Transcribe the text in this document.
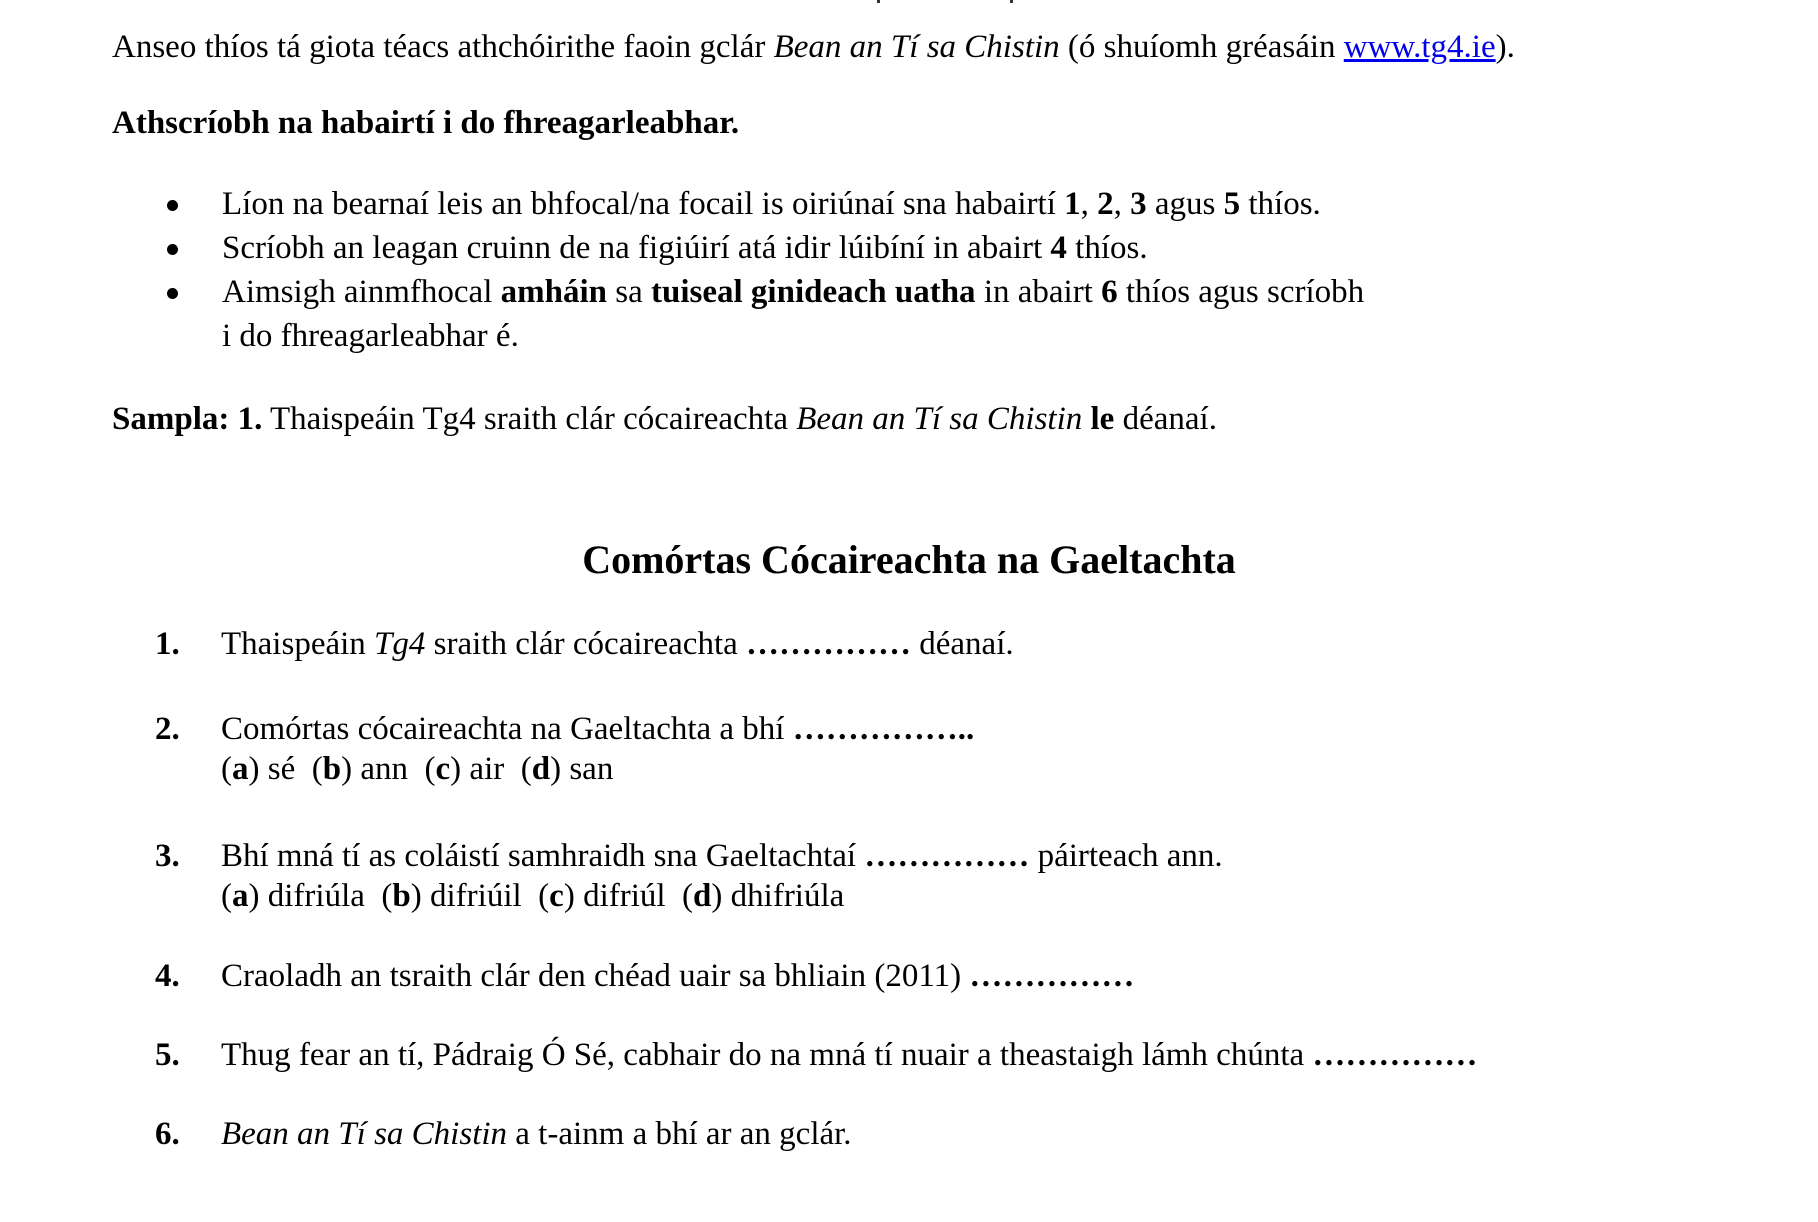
Anseo thíos tá giota téacs athchóirithe faoin gclár Bean an Tí sa Chistin (ó shuíomh gréasáin www.tg4.ie).

Athscríobh na habairtí i do fhreagarleabhar.

Líon na bearnaí leis an bhfocal/na focail is oiriúnaí sna habairtí 1, 2, 3 agus 5 thíos.
Scríobh an leagan cruinn de na figiúirí atá idir lúibíní in abairt 4 thíos.
Aimsigh ainmfhocal amháin sa tuiseal ginideach uatha in abairt 6 thíos agus scríobh
i do fhreagarleabhar é.

Sampla: 1. Thaispeáin Tg4 sraith clár cócaireachta Bean an Tí sa Chistin le déanaí.

Comórtas Cócaireachta na Gaeltachta
1. Thaispeáin Tg4 sraith clár cócaireachta …………… déanaí.
2. Comórtas cócaireachta na Gaeltachta a bhí ……………..
(a) sé  (b) ann  (c) air  (d) san
3. Bhí mná tí as coláistí samhraidh sna Gaeltachtaí …………… páirteach ann.
(a) difriúla  (b) difriúil  (c) difriúl  (d) dhifriúla
4. Craoladh an tsraith clár den chéad uair sa bhliain (2011) ……………
5. Thug fear an tí, Pádraig Ó Sé, cabhair do na mná tí nuair a theastaigh lámh chúnta ……………
6. Bean an Tí sa Chistin a t-ainm a bhí ar an gclár.
